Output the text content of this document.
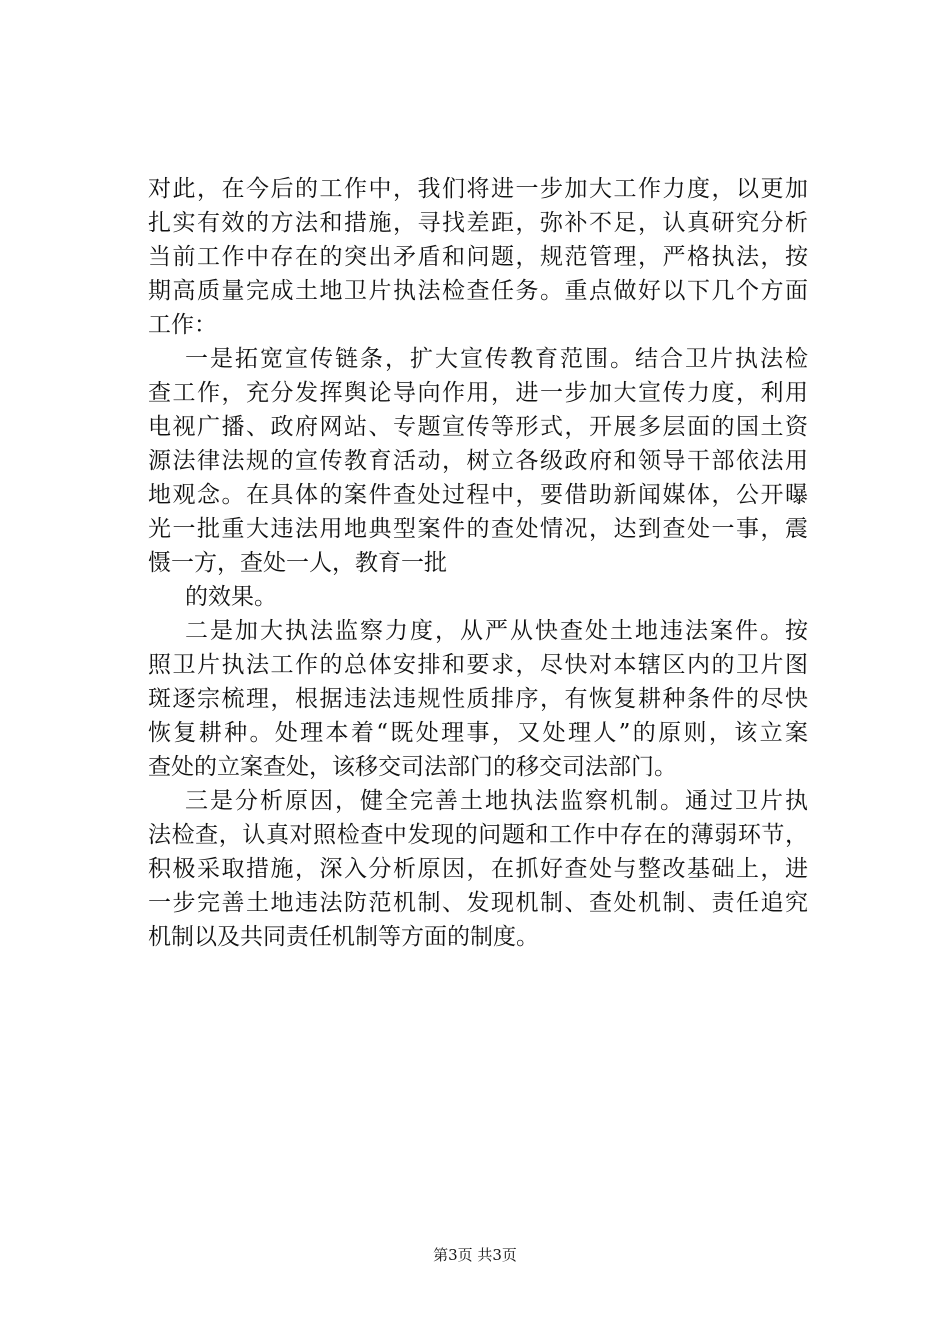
对此，在今后的工作中，我们将进一步加大工作力度，以更加
扎实有效的方法和措施，寻找差距，弥补不足，认真研究分析
当前工作中存在的突出矛盾和问题，规范管理，严格执法，按
期高质量完成土地卫片执法检查任务。重点做好以下几个方面
工作：
一是拓宽宣传链条，扩大宣传教育范围。结合卫片执法检
查工作，充分发挥舆论导向作用，进一步加大宣传力度，利用
电视广播、政府网站、专题宣传等形式，开展多层面的国土资
源法律法规的宣传教育活动，树立各级政府和领导干部依法用
地观念。在具体的案件查处过程中，要借助新闻媒体，公开曝
光一批重大违法用地典型案件的查处情况，达到查处一事，震
慑一方，查处一人，教育一批
的效果。
二是加大执法监察力度，从严从快查处土地违法案件。按
照卫片执法工作的总体安排和要求，尽快对本辖区内的卫片图
斑逐宗梳理，根据违法违规性质排序，有恢复耕种条件的尽快
恢复耕种。处理本着“既处理事，又处理人”的原则，该立案
查处的立案查处，该移交司法部门的移交司法部门。
三是分析原因，健全完善土地执法监察机制。通过卫片执
法检查，认真对照检查中发现的问题和工作中存在的薄弱环节，
积极采取措施，深入分析原因，在抓好查处与整改基础上，进
一步完善土地违法防范机制、发现机制、查处机制、责任追究
机制以及共同责任机制等方面的制度。
第3页 共3页
